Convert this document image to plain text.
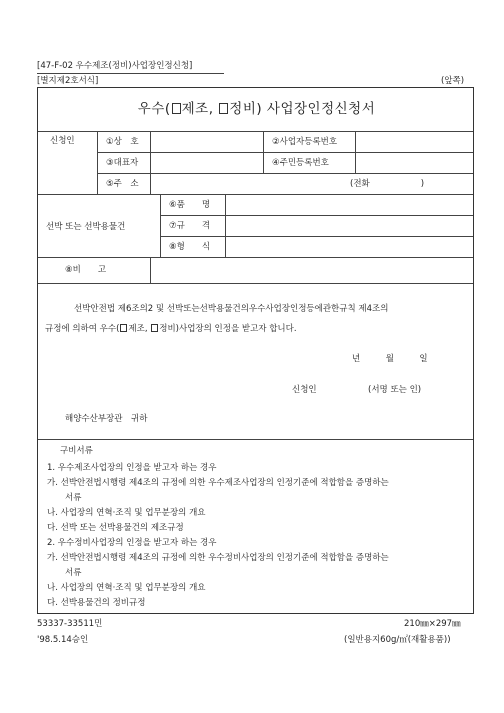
[47-F-02 우수제조(정비)사업장인정신청]
[별지제2호서식]	(앞쪽)
우수( 제조, 정비) 사업장인정신청서
신청인	①상　호	②사업자등록번호
③대표자	④주민등록번호
⑤주　소	(전화　　　　　　)
선박 또는 선박용물건
⑥품　　명
⑦규　　격
⑧형　　식
⑧비　　고
선박안전법 제6조의2 및 선박또는선박용물건의우수사업장인정등에관한규칙 제4조의
규정에 의하여 우수( 제조, 정비)사업장의 인정을 받고자 합니다.
년　　　월　　　일
신청인	(서명 또는 인)
해양수산부장관　귀하
구비서류
1. 우수제조사업장의 인정을 받고자 하는 경우
가. 선박안전법시행령 제4조의 규정에 의한 우수제조사업장의 인정기준에 적합함을 증명하는
서류
나. 사업장의 연혁·조직 및 업무분장의 개요
다. 선박 또는 선박용물건의 제조규정
2. 우수정비사업장의 인정을 받고자 하는 경우
가. 선박안전법시행령 제4조의 규정에 의한 우수정비사업장의 인정기준에 적합함을 증명하는
서류
나. 사업장의 연혁·조직 및 업무분장의 개요
다. 선박용물건의 정비규정
53337-33511민	210㎜×297㎜
'98.5.14승인	(일반용지60g/㎡(재활용품))
